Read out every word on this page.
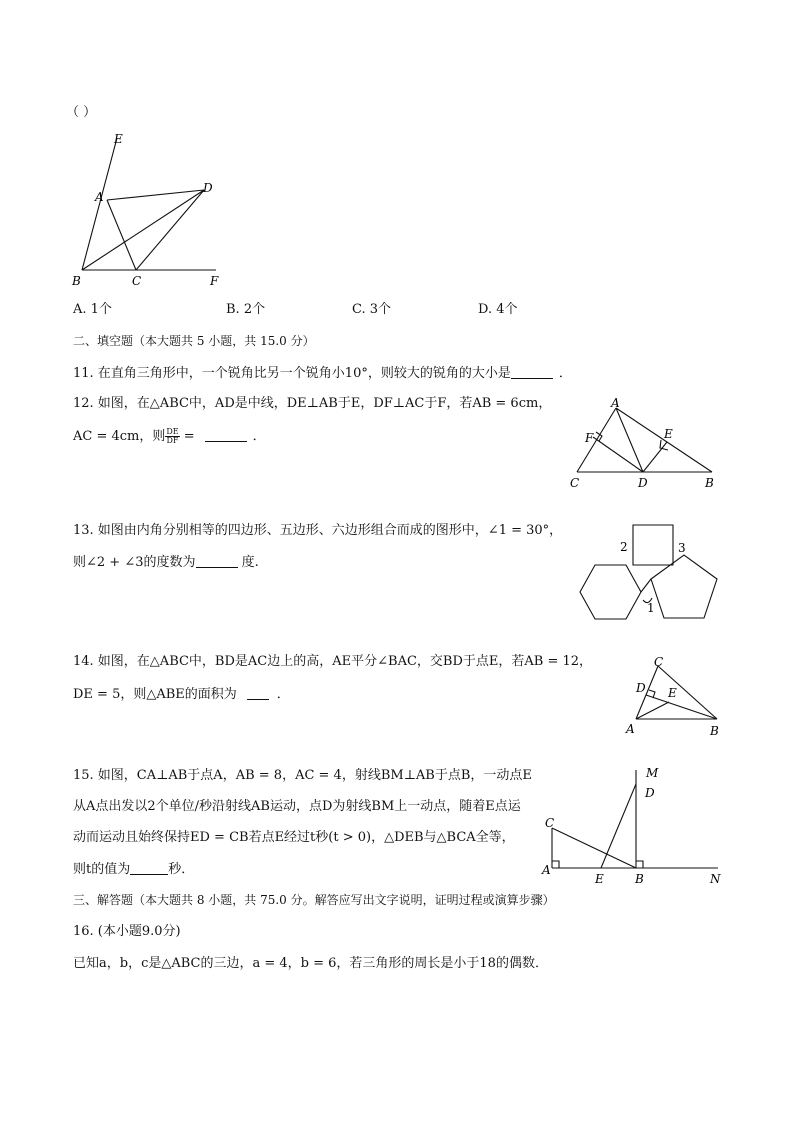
（ ）
E
A
D
B	C	F
A. 1个	B. 2个	C. 3个	D. 4个
二、填空题（本大题共 5 小题，共 15.0 分）
11. 在直角三角形中，一个锐角比另一个锐角小10°，则较大的锐角的大小是	．
12. 如图，在△ABC中，AD是中线，DE⊥AB于E，DF⊥AC于F，若AB = 6cm，
AC = 4cm，则 $\frac{DE}{DF}$ =	．
A
F	E
C	D	B
13. 如图由内角分别相等的四边形、五边形、六边形组合而成的图形中，∠1 = 30°，
则∠2 + ∠3的度数为	度.
2	3
1
14. 如图，在△ABC中，BD是AC边上的高，AE平分∠BAC，交BD于点E，若AB = 12，
DE = 5，则△ABE的面积为	．
C
D E
A	B
15. 如图，CA⊥AB于点A，AB = 8，AC = 4，射线BM⊥AB于点B，一动点E
从A点出发以2个单位/秒沿射线AB运动，点D为射线BM上一动点，随着E点运
动而运动且始终保持ED = CB若点E经过t秒(t > 0)，△DEB与△BCA全等，
则t的值为	秒．
M
D
C
A
E	B	N
三、解答题（本大题共 8 小题，共 75.0 分。解答应写出文字说明，证明过程或演算步骤）
16. (本小题9.0分)
已知a，b，c是△ABC的三边，a = 4，b = 6，若三角形的周长是小于18的偶数．
